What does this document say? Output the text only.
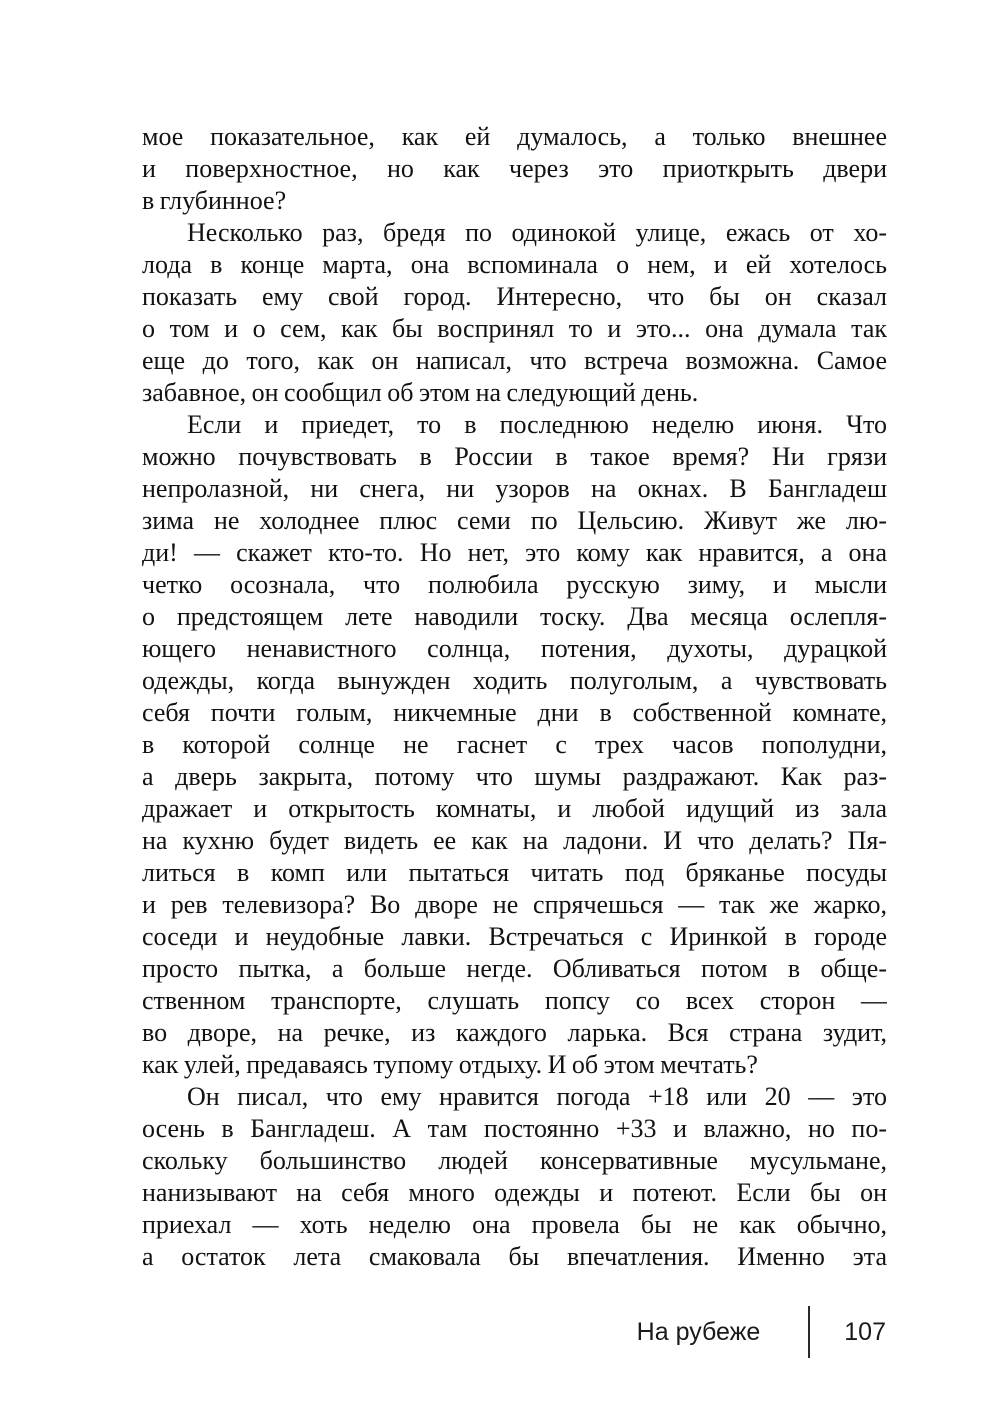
мое показательное, как ей думалось, а только внешнее
и поверхностное, но как через это приоткрыть двери
в глубинное?
Несколько раз, бредя по одинокой улице, ежась от хо-
лода в конце марта, она вспоминала о нем, и ей хотелось
показать ему свой город. Интересно, что бы он сказал
о том и о сем, как бы воспринял то и это... она думала так
еще до того, как он написал, что встреча возможна. Самое
забавное, он сообщил об этом на следующий день.
Если и приедет, то в последнюю неделю июня. Что
можно почувствовать в России в такое время? Ни грязи
непролазной, ни снега, ни узоров на окнах. В Бангладеш
зима не холоднее плюс семи по Цельсию. Живут же лю-
ди! — скажет кто-то. Но нет, это кому как нравится, а она
четко осознала, что полюбила русскую зиму, и мысли
о предстоящем лете наводили тоску. Два месяца ослепля-
ющего ненавистного солнца, потения, духоты, дурацкой
одежды, когда вынужден ходить полуголым, а чувствовать
себя почти голым, никчемные дни в собственной комнате,
в которой солнце не гаснет с трех часов пополудни,
а дверь закрыта, потому что шумы раздражают. Как раз-
дражает и открытость комнаты, и любой идущий из зала
на кухню будет видеть ее как на ладони. И что делать? Пя-
литься в комп или пытаться читать под бряканье посуды
и рев телевизора? Во дворе не спрячешься — так же жарко,
соседи и неудобные лавки. Встречаться с Иринкой в городе
просто пытка, а больше негде. Обливаться потом в обще-
ственном транспорте, слушать попсу со всех сторон —
во дворе, на речке, из каждого ларька. Вся страна зудит,
как улей, предаваясь тупому отдыху. И об этом мечтать?
Он писал, что ему нравится погода +18 или 20 — это
осень в Бангладеш. А там постоянно +33 и влажно, но по-
скольку большинство людей консервативные мусульмане,
нанизывают на себя много одежды и потеют. Если бы он
приехал — хоть неделю она провела бы не как обычно,
а остаток лета смаковала бы впечатления. Именно эта
На рубеже	107
